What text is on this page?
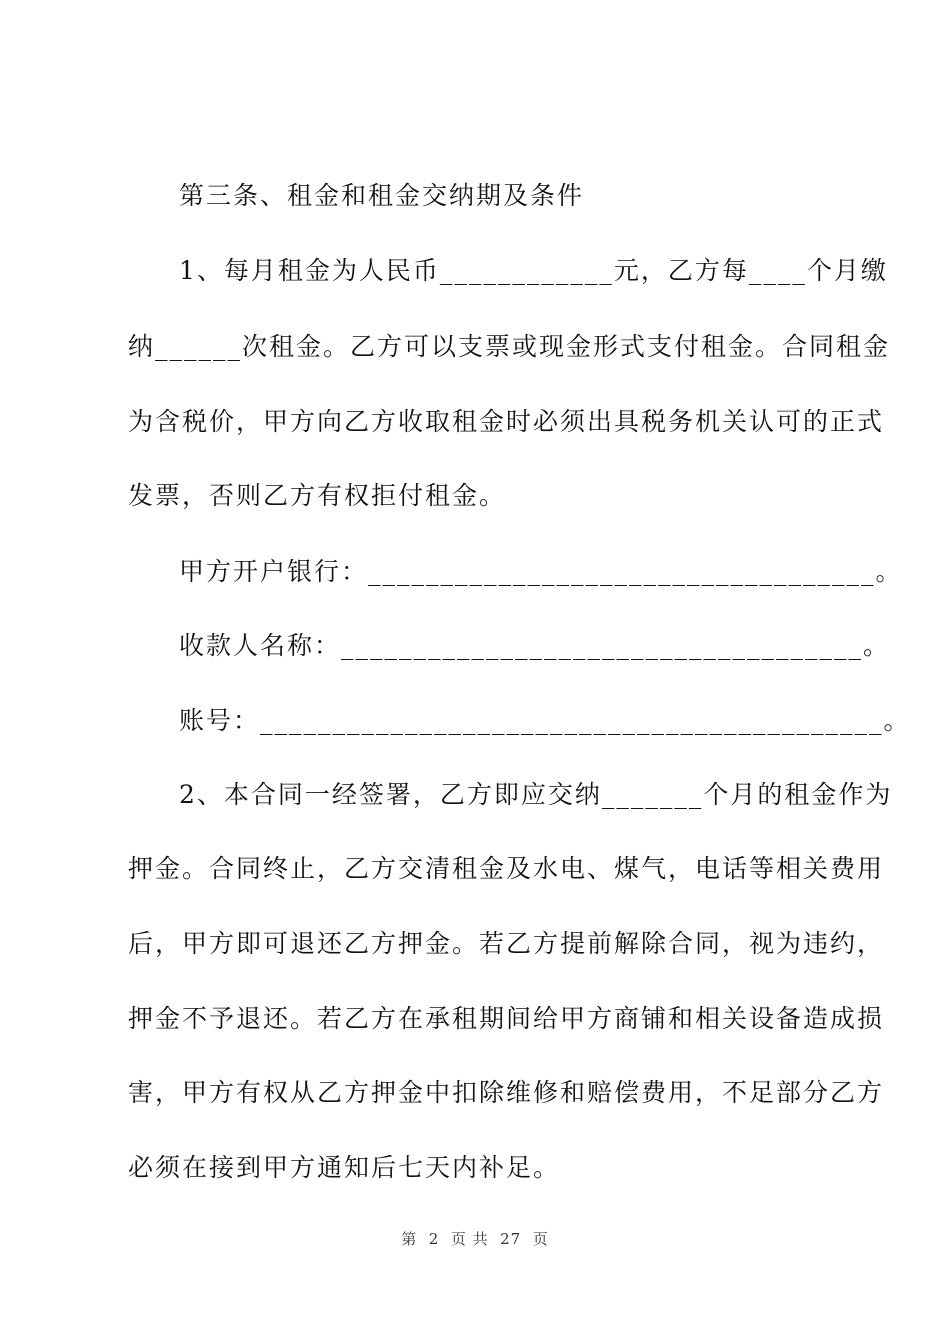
第三条、租金和租金交纳期及条件
1、每月租金为人民币____________元，乙方每____个月缴
纳______次租金。乙方可以支票或现金形式支付租金。合同租金
为含税价，甲方向乙方收取租金时必须出具税务机关认可的正式
发票，否则乙方有权拒付租金。
甲方开户银行：___________________________________。
收款人名称：____________________________________。
账号：___________________________________________。
2、本合同一经签署，乙方即应交纳_______个月的租金作为
押金。合同终止，乙方交清租金及水电、煤气，电话等相关费用
后，甲方即可退还乙方押金。若乙方提前解除合同，视为违约，
押金不予退还。若乙方在承租期间给甲方商铺和相关设备造成损
害，甲方有权从乙方押金中扣除维修和赔偿费用，不足部分乙方
必须在接到甲方通知后七天内补足。
第  2  页 共  27  页
